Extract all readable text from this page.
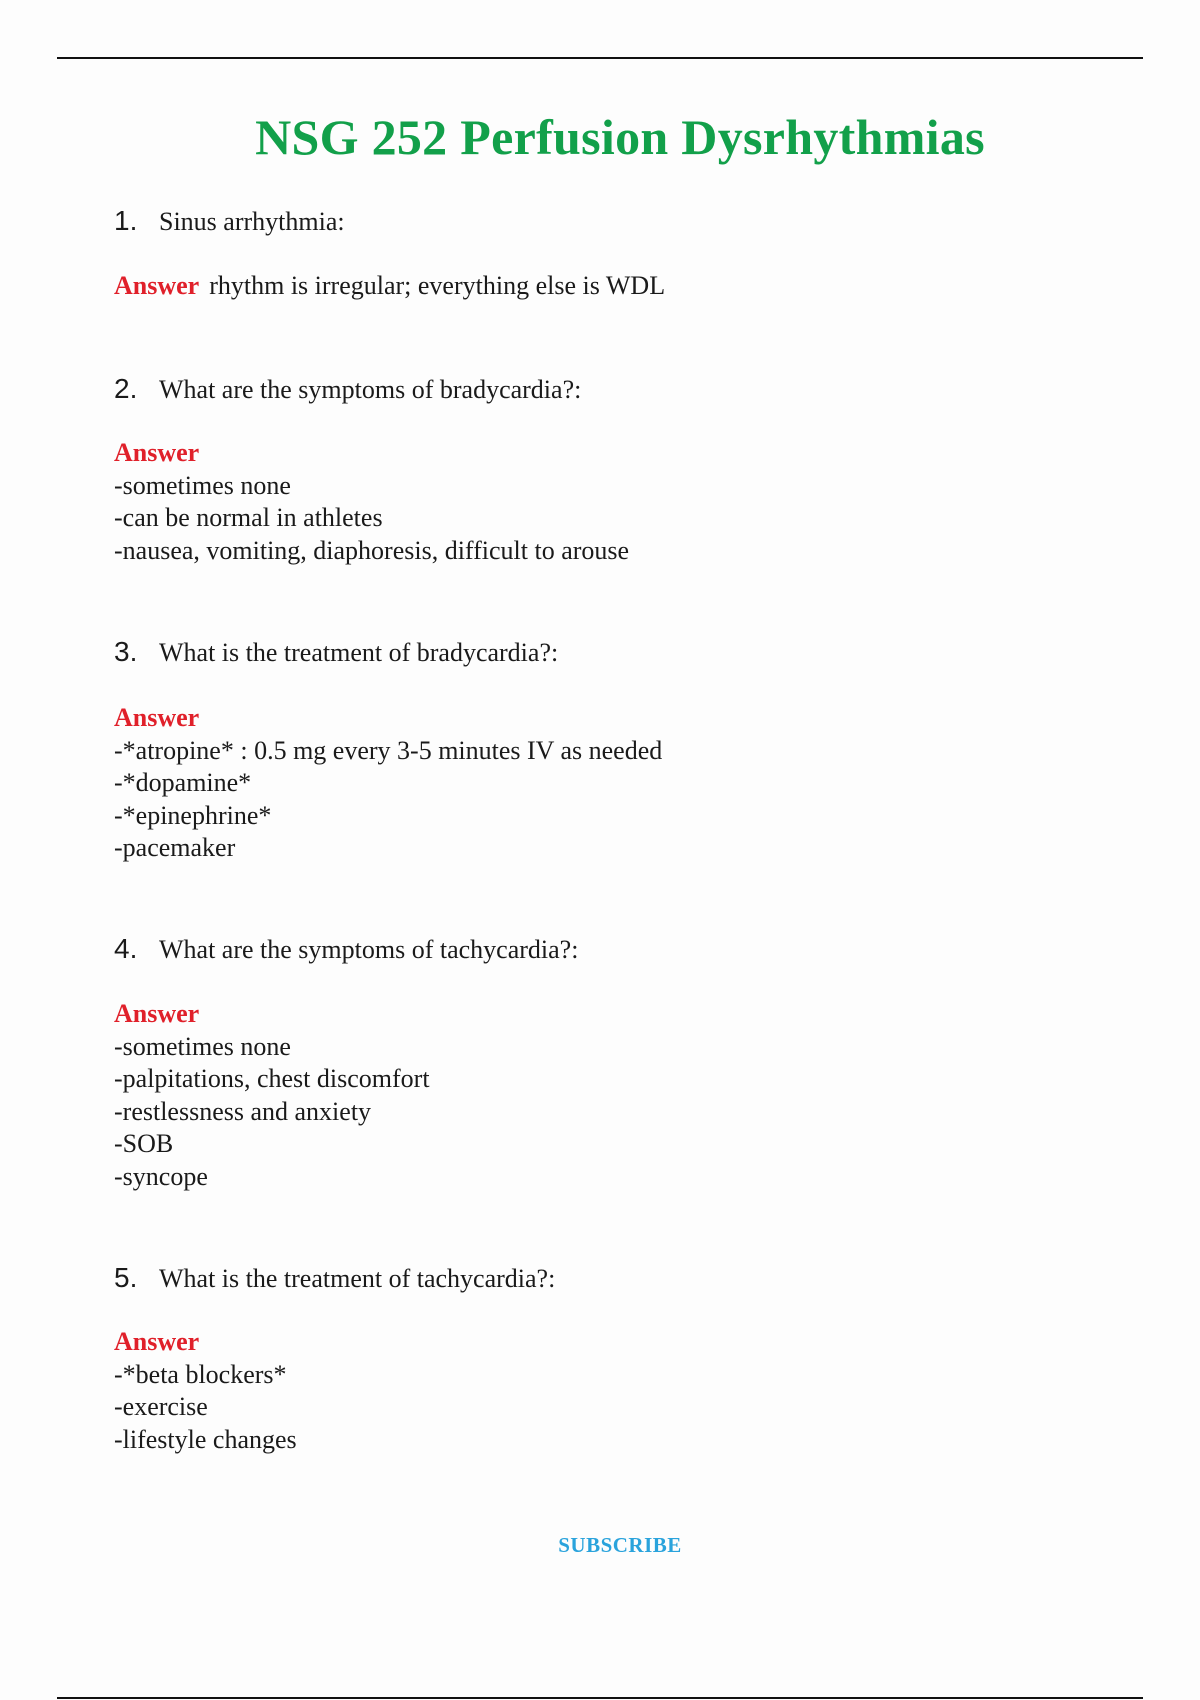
NSG 252 Perfusion Dysrhythmias
1. Sinus arrhythmia:
Answer rhythm is irregular; everything else is WDL
2. What are the symptoms of bradycardia?:
Answer
-sometimes none
-can be normal in athletes
-nausea, vomiting, diaphoresis, difficult to arouse
3. What is the treatment of bradycardia?:
Answer
-*atropine* : 0.5 mg every 3-5 minutes IV as needed
-*dopamine*
-*epinephrine*
-pacemaker
4. What are the symptoms of tachycardia?:
Answer
-sometimes none
-palpitations, chest discomfort
-restlessness and anxiety
-SOB
-syncope
5. What is the treatment of tachycardia?:
Answer
-*beta blockers*
-exercise
-lifestyle changes
SUBSCRIBE
